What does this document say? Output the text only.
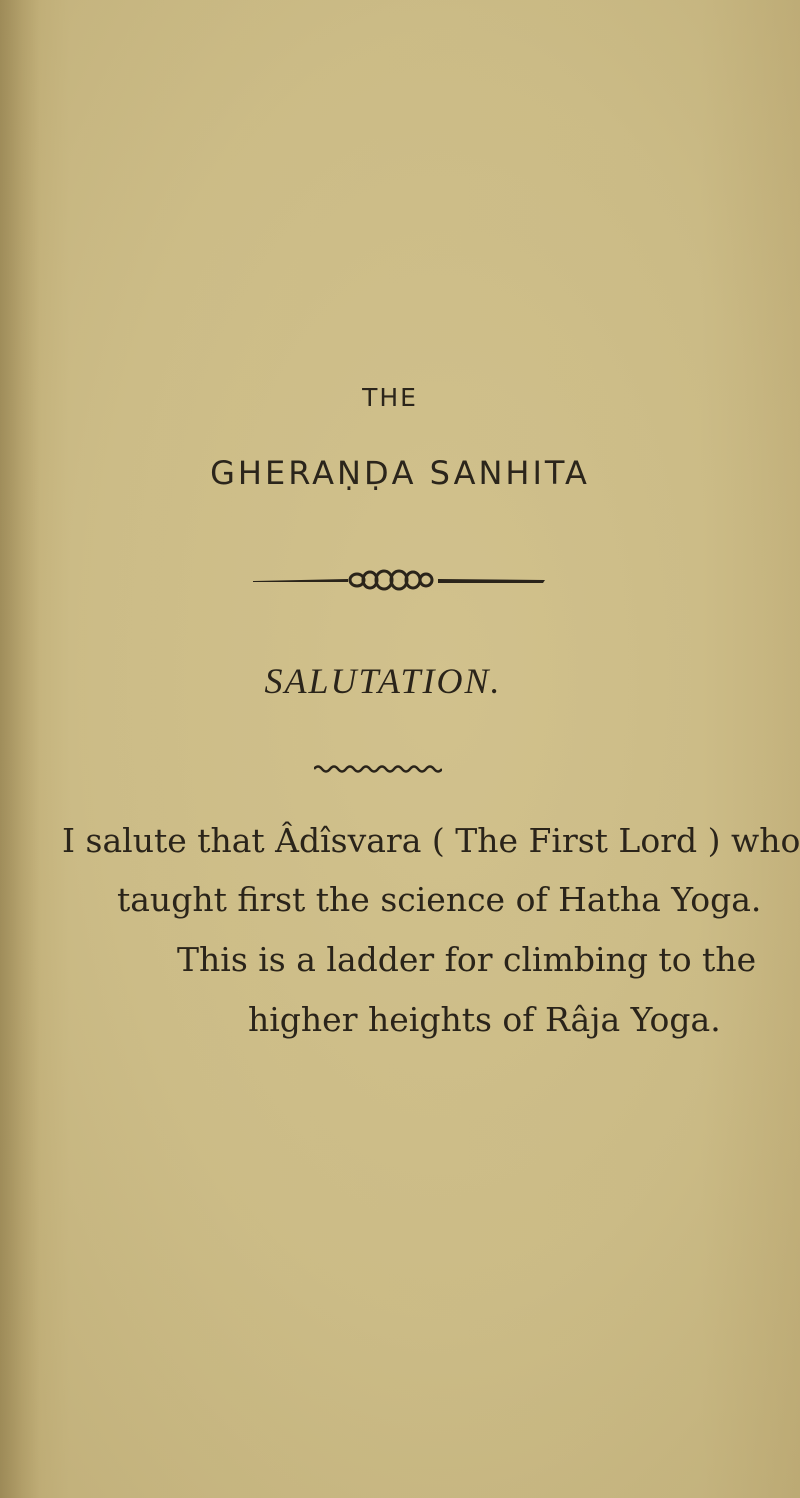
THE
GHERAṆḌA SANHITA
SALUTATION.
I salute that Âdîsvara ( The First Lord ) who
taught first the science of Hatha Yoga.
This is a ladder for climbing to the
higher heights of Râja Yoga.
